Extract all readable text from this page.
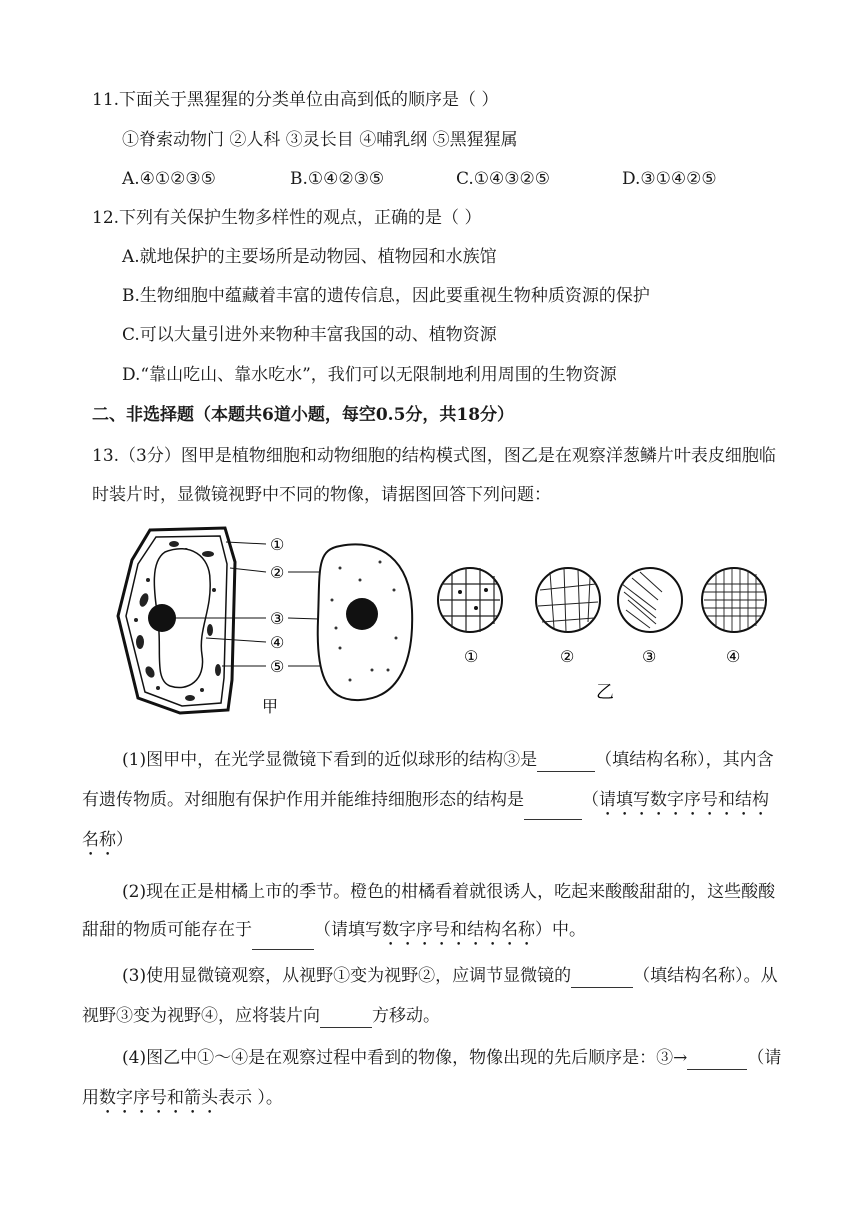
11.下面关于黑猩猩的分类单位由高到低的顺序是（ ）
①脊索动物门 ②人科 ③灵长目 ④哺乳纲 ⑤黑猩猩属
A.④①②③⑤	B.①④②③⑤	C.①④③②⑤	D.③①④②⑤
12.下列有关保护生物多样性的观点，正确的是（ ）
A.就地保护的主要场所是动物园、植物园和水族馆
B.生物细胞中蕴藏着丰富的遗传信息，因此要重视生物种质资源的保护
C.可以大量引进外来物种丰富我国的动、植物资源
D.“靠山吃山、靠水吃水”，我们可以无限制地利用周围的生物资源
二、非选择题（本题共6道小题，每空0.5分，共18分）
13.（3分）图甲是植物细胞和动物细胞的结构模式图，图乙是在观察洋葱鳞片叶表皮细胞临
时装片时，显微镜视野中不同的物像，请据图回答下列问题：
①
②
③
④
⑤
甲
①	②	③	④
乙
(1)图甲中，在光学显微镜下看到的近似球形的结构③是	（填结构名称），其内含
有遗传物质。对细胞有保护作用并能维持细胞形态的结构是	（请填写数字序号和结构
名称）
(2)现在正是柑橘上市的季节。橙色的柑橘看着就很诱人，吃起来酸酸甜甜的，这些酸酸
甜甜的物质可能存在于	（请填写数字序号和结构名称）中。
(3)使用显微镜观察，从视野①变为视野②，应调节显微镜的	（填结构名称）。从
视野③变为视野④，应将装片向	方移动。
(4)图乙中①～④是在观察过程中看到的物像，物像出现的先后顺序是：③→	（请
用数字序号和箭头表示 ）。
